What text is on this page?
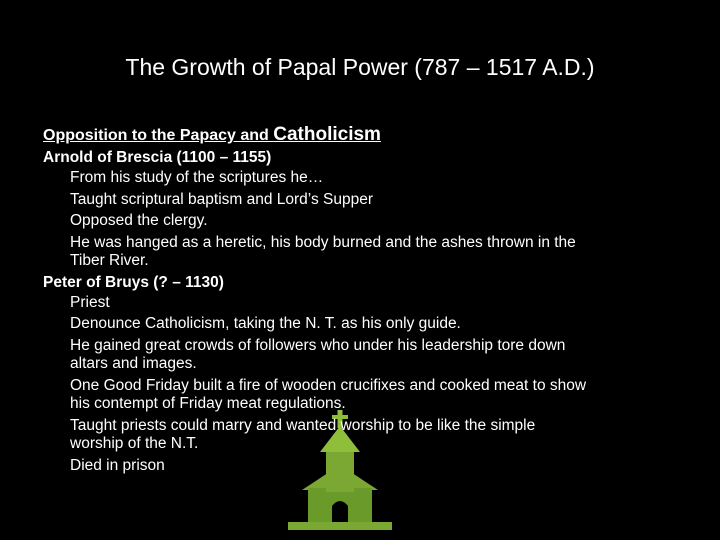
The Growth of Papal Power (787 – 1517 A.D.)
Opposition to the Papacy and Catholicism
Arnold of Brescia (1100 – 1155)
From his study of the scriptures he…
Taught scriptural baptism and Lord’s Supper
Opposed the clergy.
He was hanged as a heretic, his body burned and the ashes thrown in the
Tiber River.
Peter of Bruys (? – 1130)
Priest
Denounce Catholicism, taking the N. T. as his only guide.
He gained great crowds of followers who under his leadership tore down
altars and images.
One Good Friday built a fire of wooden crucifixes and cooked meat to show
his contempt of Friday meat regulations.
Taught priests could marry and wanted worship to be like the simple
worship of the N.T.
Died in prison
